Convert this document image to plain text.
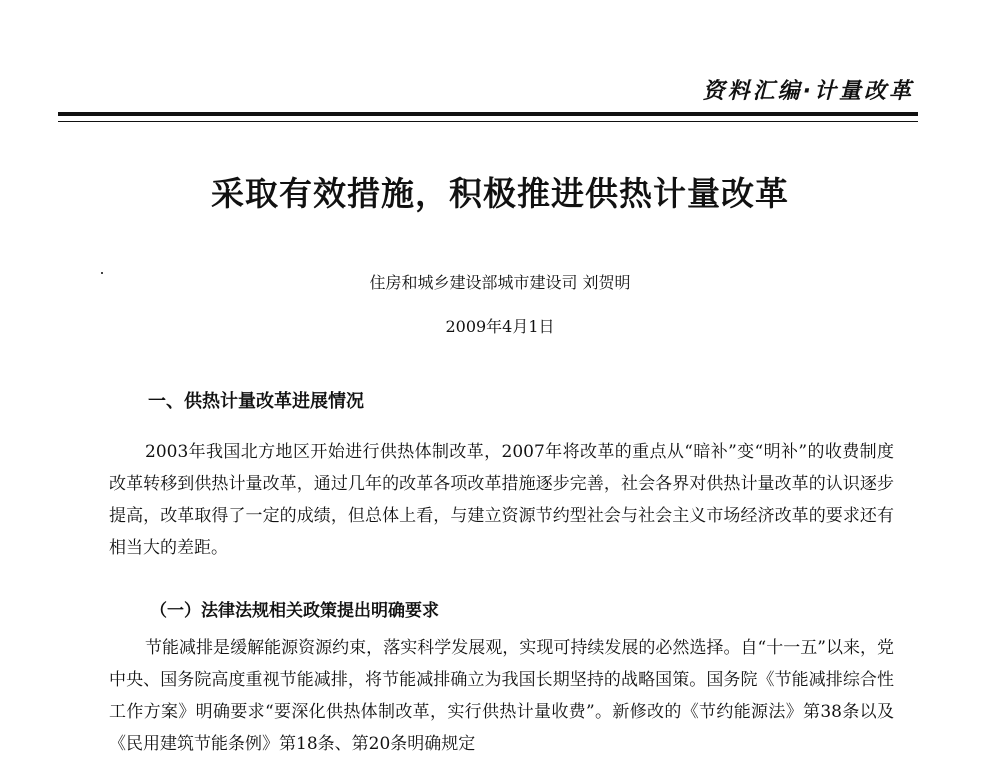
资料汇编·计量改革
采取有效措施，积极推进供热计量改革
住房和城乡建设部城市建设司 刘贺明
2009年4月1日
一、供热计量改革进展情况

2003年我国北方地区开始进行供热体制改革，2007年将改革的重点从“暗补”变“明补”的收费制度改革转移到供热计量改革，通过几年的改革各项改革措施逐步完善，社会各界对供热计量改革的认识逐步提高，改革取得了一定的成绩，但总体上看，与建立资源节约型社会与社会主义市场经济改革的要求还有相当大的差距。

（一）法律法规相关政策提出明确要求

节能减排是缓解能源资源约束，落实科学发展观，实现可持续发展的必然选择。自“十一五”以来，党中央、国务院高度重视节能减排，将节能减排确立为我国长期坚持的战略国策。国务院《节能减排综合性工作方案》明确要求“要深化供热体制改革，实行供热计量收费”。新修改的《节约能源法》第38条以及《民用建筑节能条例》第18条、第20条明确规定
